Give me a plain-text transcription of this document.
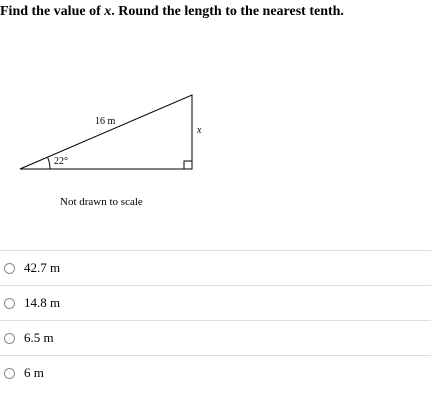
Find the value of x. Round the length to the nearest tenth.
16 m
x
22°
Not drawn to scale
42.7 m
14.8 m
6.5 m
6 m
